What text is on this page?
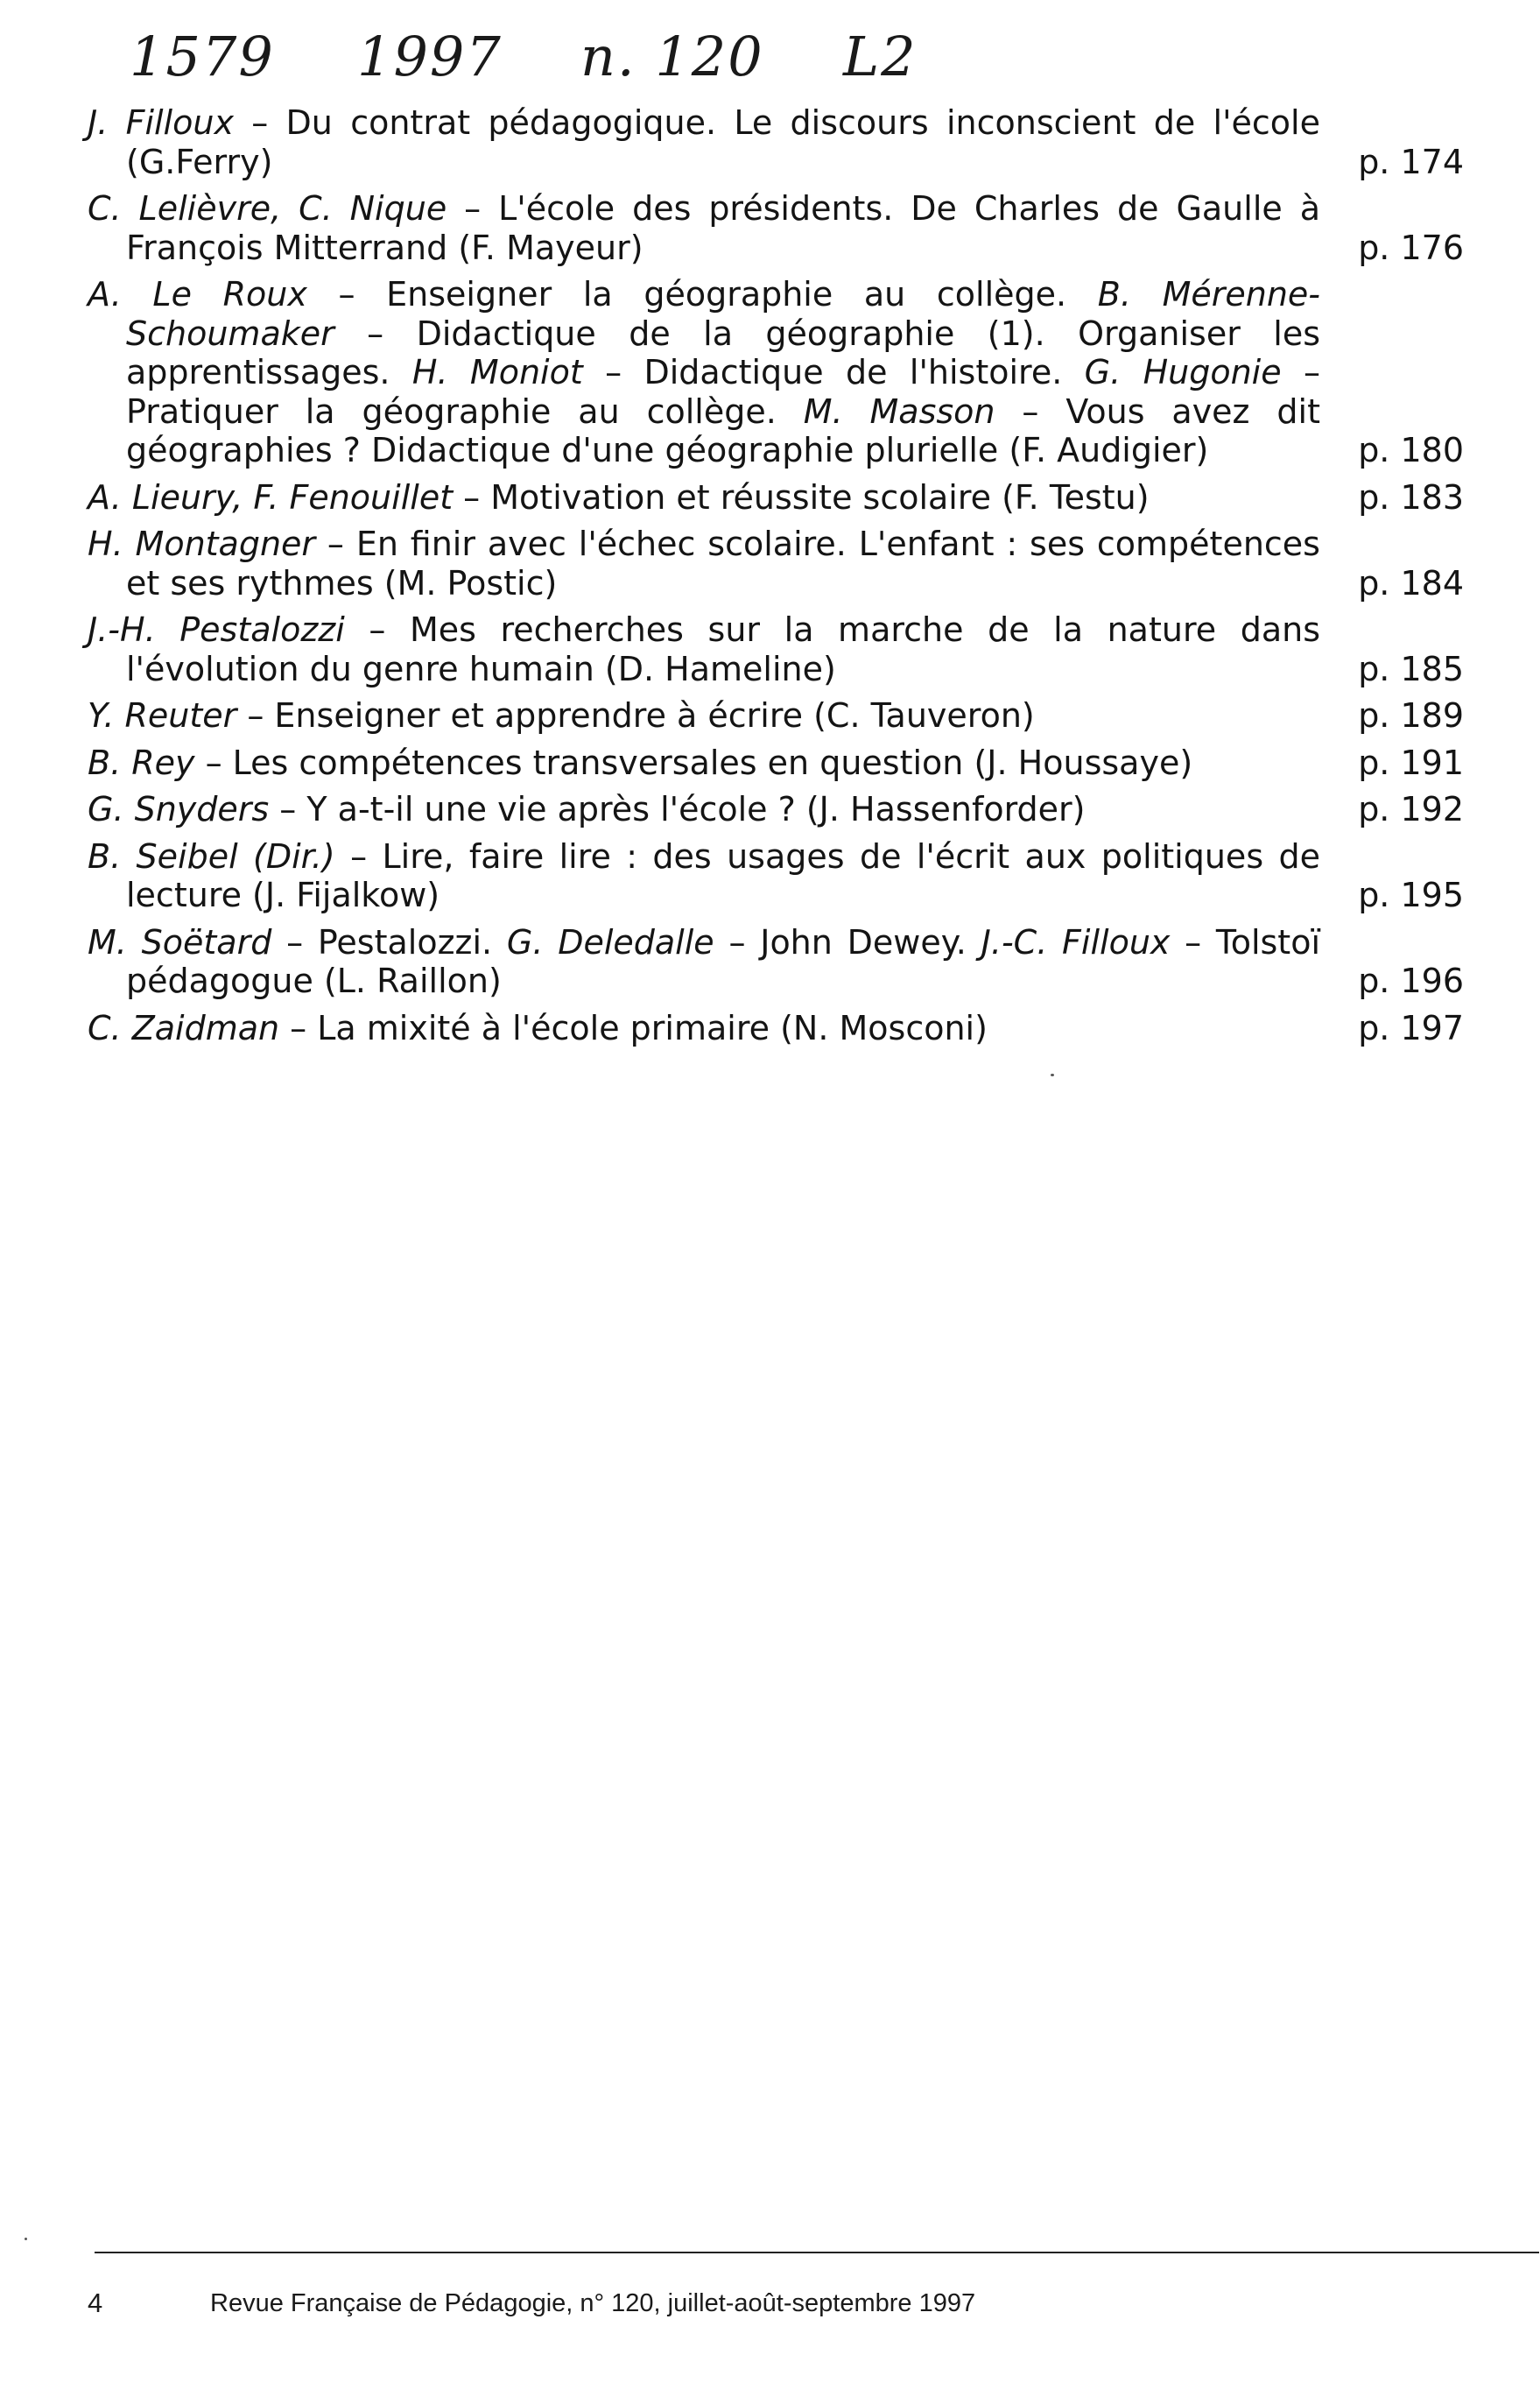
1579 1997 n. 120 L2
J. Filloux – Du contrat pédagogique. Le discours inconscient de l'école (G.Ferry)	p. 174
C. Lelièvre, C. Nique – L'école des présidents. De Charles de Gaulle à François Mitterrand (F. Mayeur)	p. 176
A. Le Roux – Enseigner la géographie au collège. B. Mérenne-Schoumaker – Didactique de la géographie (1). Organiser les apprentissages. H. Moniot – Didactique de l'histoire. G. Hugonie – Pratiquer la géographie au collège. M. Masson – Vous avez dit géographies ? Didactique d'une géographie plurielle (F. Audigier)	p. 180
A. Lieury, F. Fenouillet – Motivation et réussite scolaire (F. Testu)	p. 183
H. Montagner – En finir avec l'échec scolaire. L'enfant : ses compétences et ses rythmes (M. Postic)	p. 184
J.-H. Pestalozzi – Mes recherches sur la marche de la nature dans l'évolution du genre humain (D. Hameline)	p. 185
Y. Reuter – Enseigner et apprendre à écrire (C. Tauveron)	p. 189
B. Rey – Les compétences transversales en question (J. Houssaye)	p. 191
G. Snyders – Y a-t-il une vie après l'école ? (J. Hassenforder)	p. 192
B. Seibel (Dir.) – Lire, faire lire : des usages de l'écrit aux politiques de lecture (J. Fijalkow)	p. 195
M. Soëtard – Pestalozzi. G. Deledalle – John Dewey. J.-C. Filloux – Tolstoï pédagogue (L. Raillon)	p. 196
C. Zaidman – La mixité à l'école primaire (N. Mosconi)	p. 197
4	Revue Française de Pédagogie, n° 120, juillet-août-septembre 1997
